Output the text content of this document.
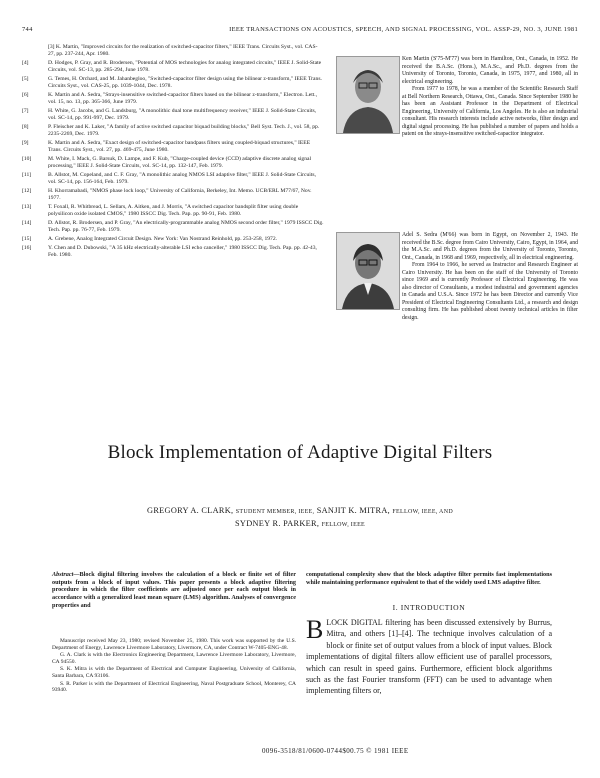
744	IEEE TRANSACTIONS ON ACOUSTICS, SPEECH, AND SIGNAL PROCESSING, VOL. ASSP-29, NO. 3, JUNE 1981
[3] K. Martin, "Improved circuits for the realization of switched-capacitor filters," IEEE Trans. Circuits Syst., vol. CAS-27, pp. 237-244, Apr. 1980.
[4]	D. Hodges, P. Gray, and R. Brodersen, "Potential of MOS technologies for analog integrated circuits," IEEE J. Solid-State Circuits, vol. SC-13, pp. 285-294, June 1978.
[5]	G. Temes, H. Orchard, and M. Jahanbegloo, "Switched-capacitor filter design using the bilinear z-transform," IEEE Trans. Circuits Syst., vol. CAS-25, pp. 1039-1044, Dec. 1978.
[6]	K. Martin and A. Sedra, "Strays-insensitive switched-capacitor filters based on the bilinear z-transform," Electron. Lett., vol. 15, no. 13, pp. 365-366, June 1979.
[7]	H. White, G. Jacobs, and G. Landsburg, "A monolithic dual tone multifrequency receiver," IEEE J. Solid-State Circuits, vol. SC-14, pp. 991-997, Dec. 1979.
[8]	P. Fleischer and K. Laker, "A family of active switched capacitor biquad building blocks," Bell Syst. Tech. J., vol. 58, pp. 2235-2269, Dec. 1979.
[9]	K. Martin and A. Sedra, "Exact design of switched-capacitor bandpass filters using coupled-biquad structures," IEEE Trans. Circuits Syst., vol. 27, pp. 469-475, June 1980.
[10]	M. White, I. Mack, G. Barsuk, D. Lampe, and F. Kub, "Charge-coupled device (CCD) adaptive discrete analog signal processing," IEEE J. Solid-State Circuits, vol. SC-14, pp. 132-147, Feb. 1979.
[11]	B. Allstot, M. Copeland, and C. F. Gray, "A monolithic analog NMOS LSI adaptive filter," IEEE J. Solid-State Circuits, vol. SC-14, pp. 156-164, Feb. 1979.
[12]	H. Khorramabadi, "NMOS phase lock loop," University of California, Berkeley, Int. Memo. UCB/ERL M77/67, Nov. 1977.
[13]	T. Foxall, R. Whitbread, L. Sellars, A. Aitken, and J. Morris, "A switched capacitor bandsplit filter using double polysilicon oxide isolated CMOS," 1980 ISSCC Dig. Tech. Pap. pp. 90-91, Feb. 1980.
[14]	D. Allstot, R. Brodersen, and P. Gray, "An electrically-programmable analog NMOS second order filter," 1979 ISSCC Dig. Tech. Pap. pp. 76-77, Feb. 1979.
[15]	A. Grebene, Analog Integrated Circuit Design. New York: Van Nostrand Reinhold, pp. 253-258, 1972.
[16]	Y. Chen and D. Dubowski, "A 35 kHz electrically-alterable LSI echo canceller," 1980 ISSCC Dig. Tech. Pap. pp. 42-43, Feb. 1980.

Ken Martin (S'75-M'77) was born in Hamilton, Ont., Canada, in 1952. He received the B.A.Sc. (Hons.), M.A.Sc., and Ph.D. degrees from the University of Toronto, Toronto, Canada, in 1975, 1977, and 1980, all in electrical engineering.

From 1977 to 1978, he was a member of the Scientific Research Staff at Bell Northern Research, Ottawa, Ont., Canada. Since September 1980 he has been an Assistant Professor in the Department of Electrical Engineering, University of California, Los Angeles. He is also an industrial consultant. His research interests include active networks, filter design and digital signal processing. He has published a number of papers and holds a patent on the strays-insensitive switched-capacitor integrator.

Adel S. Sedra (M'66) was born in Egypt, on November 2, 1943. He received the B.Sc. degree from Cairo University, Cairo, Egypt, in 1964, and the M.A.Sc. and Ph.D. degrees from the University of Toronto, Toronto, Ont., Canada, in 1968 and 1969, respectively, all in electrical engineering.

From 1964 to 1966, he served as Instructor and Research Engineer at Cairo University. He has been on the staff of the University of Toronto since 1969 and is currently Professor of Electrical Engineering. He was also director of Consultants, a modest industrial and government agencies in Canada and U.S.A. Since 1972 he has been Director and currently Vice President of Electrical Engineering Consultants Ltd., a research and design consulting firm. He has published about twenty technical articles in filter design.

Block Implementation of Adaptive Digital Filters
GREGORY A. CLARK, STUDENT MEMBER, IEEE, SANJIT K. MITRA, FELLOW, IEEE, AND
SYDNEY R. PARKER, FELLOW, IEEE
Abstract—Block digital filtering involves the calculation of a block or finite set of filter outputs from a block of input values. This paper presents a block adaptive filtering procedure in which the filter coefficients are adjusted once per each output block in accordance with a generalized least mean square (LMS) algorithm. Analyses of convergence properties and
computational complexity show that the block adaptive filter permits fast implementations while maintaining performance equivalent to that of the widely used LMS adaptive filter.

Manuscript received May 23, 1980; revised November 25, 1980. This work was supported by the U.S. Department of Energy, Lawrence Livermore Laboratory, Livermore, CA, under Contract W-7405-ENG-48.

G. A. Clark is with the Electronics Engineering Department, Lawrence Livermore Laboratory, Livermore, CA 94550.

S. K. Mitra is with the Department of Electrical and Computer Engineering, University of California, Santa Barbara, CA 93106.

S. R. Parker is with the Department of Electrical Engineering, Naval Postgraduate School, Monterey, CA 93940.

I. INTRODUCTION
BLOCK DIGITAL filtering has been discussed extensively by Burrus, Mitra, and others [1]–[4]. The technique involves calculation of a block or finite set of output values from a block of input values. Block implementations of digital filters allow efficient use of parallel processors, which can result in speed gains. Furthermore, efficient block algorithms such as the fast Fourier transform (FFT) can be used to advantage when implementing filters or,
0096-3518/81/0600-0744$00.75 © 1981 IEEE
